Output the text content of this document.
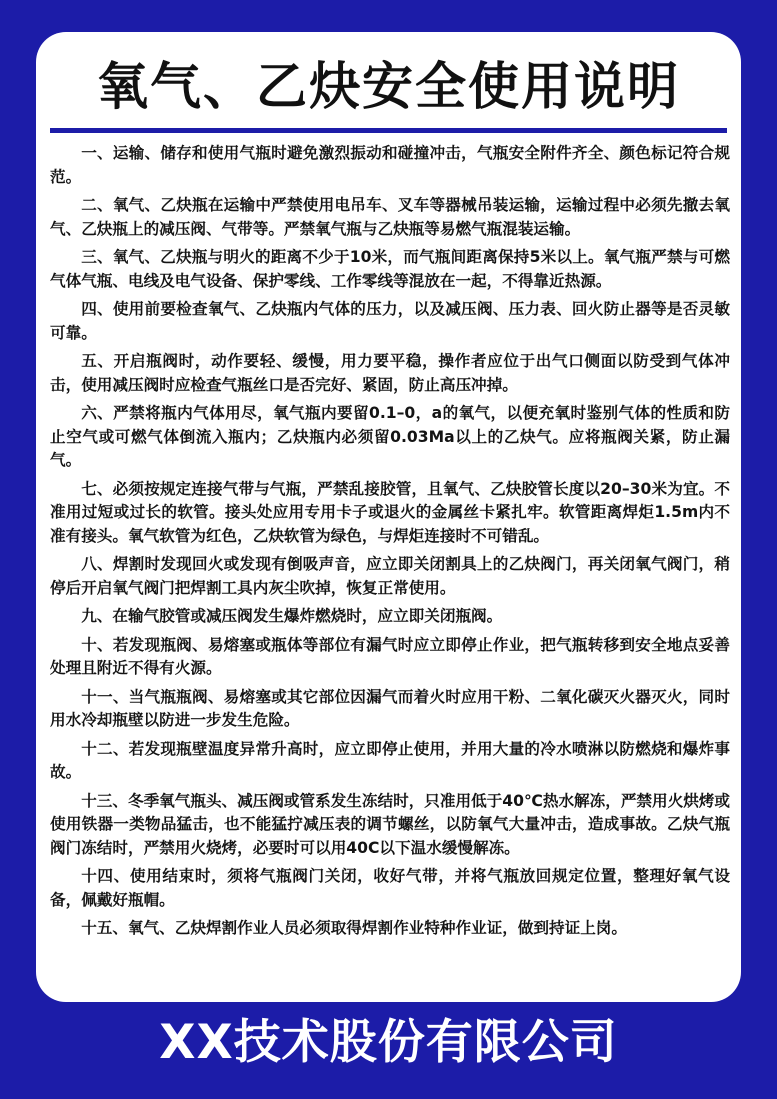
氧气、乙炔安全使用说明

一、运输、储存和使用气瓶时避免激烈振动和碰撞冲击，气瓶安全附件齐全、颜色标记符合规范。

二、氧气、乙炔瓶在运输中严禁使用电吊车、叉车等器械吊装运输，运输过程中必须先撤去氧气、乙炔瓶上的减压阀、气带等。严禁氧气瓶与乙炔瓶等易燃气瓶混装运输。

三、氧气、乙炔瓶与明火的距离不少于10米，而气瓶间距离保持5米以上。氧气瓶严禁与可燃气体气瓶、电线及电气设备、保护零线、工作零线等混放在一起，不得靠近热源。

四、使用前要检查氧气、乙炔瓶内气体的压力，以及减压阀、压力表、回火防止器等是否灵敏可靠。

五、开启瓶阀时，动作要轻、缓慢，用力要平稳，操作者应位于出气口侧面以防受到气体冲击，使用减压阀时应检查气瓶丝口是否完好、紧固，防止高压冲掉。

六、严禁将瓶内气体用尽，氧气瓶内要留0.1–0，a的氧气，以便充氧时鉴别气体的性质和防止空气或可燃气体倒流入瓶内；乙炔瓶内必须留0.03Ma以上的乙炔气。应将瓶阀关紧，防止漏气。

七、必须按规定连接气带与气瓶，严禁乱接胶管，且氧气、乙炔胶管长度以20–30米为宜。不准用过短或过长的软管。接头处应用专用卡子或退火的金属丝卡紧扎牢。软管距离焊炬1.5m内不准有接头。氧气软管为红色，乙炔软管为绿色，与焊炬连接时不可错乱。

八、焊割时发现回火或发现有倒吸声音，应立即关闭割具上的乙炔阀门，再关闭氧气阀门，稍停后开启氧气阀门把焊割工具内灰尘吹掉，恢复正常使用。

九、在输气胶管或减压阀发生爆炸燃烧时，应立即关闭瓶阀。

十、若发现瓶阀、易熔塞或瓶体等部位有漏气时应立即停止作业，把气瓶转移到安全地点妥善处理且附近不得有火源。

十一、当气瓶瓶阀、易熔塞或其它部位因漏气而着火时应用干粉、二氧化碳灭火器灭火，同时用水冷却瓶壁以防进一步发生危险。

十二、若发现瓶壁温度异常升高时，应立即停止使用，并用大量的冷水喷淋以防燃烧和爆炸事故。

十三、冬季氧气瓶头、减压阀或管系发生冻结时，只准用低于40℃热水解冻，严禁用火烘烤或使用铁器一类物品猛击，也不能猛拧减压表的调节螺丝，以防氧气大量冲击，造成事故。乙炔气瓶阀门冻结时，严禁用火烧烤，必要时可以用40C以下温水缓慢解冻。

十四、使用结束时，须将气瓶阀门关闭，收好气带，并将气瓶放回规定位置，整理好氧气设备，佩戴好瓶帽。

十五、氧气、乙炔焊割作业人员必须取得焊割作业特种作业证，做到持证上岗。

XX技术股份有限公司
